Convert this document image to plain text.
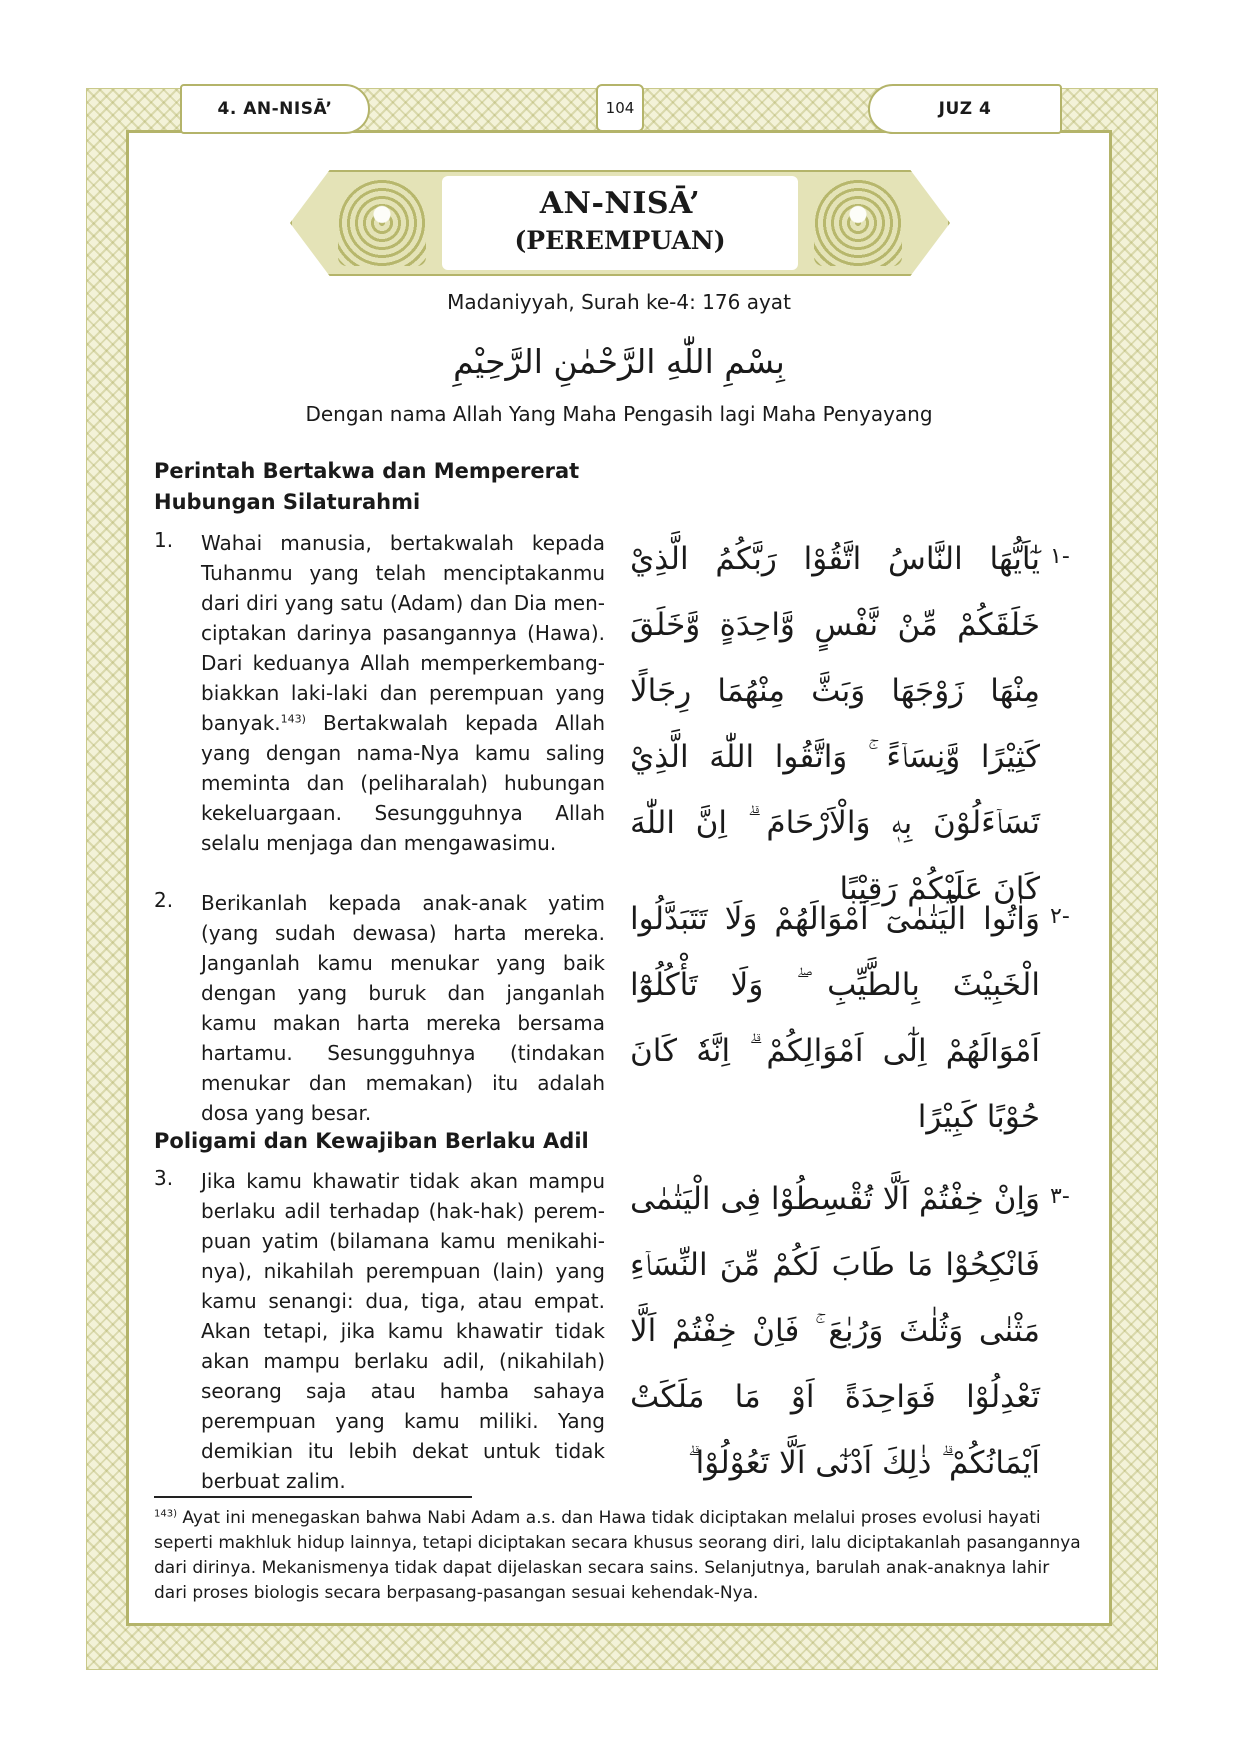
4. AN-NISĀ’	104	JUZ 4
AN-NISĀ’
(PEREMPUAN)
Madaniyyah, Surah ke-4: 176 ayat
بِسْمِ اللّٰهِ الرَّحْمٰنِ الرَّحِيْمِ
Dengan nama Allah Yang Maha Pengasih lagi Maha Penyayang
Perintah Bertakwa dan Mempererat Hubungan Silaturahmi
1. Wahai manusia, bertakwalah kepada Tuhanmu yang telah menciptakanmu dari diri yang satu (Adam) dan Dia menciptakan darinya pasangannya (Hawa). Dari keduanya Allah memperkembangbiakkan laki-laki dan perempuan yang banyak.$^{143)}$ Bertakwalah kepada Allah yang dengan nama-Nya kamu saling meminta dan (peliharalah) hubungan kekeluargaan. Sesungguhnya Allah selalu menjaga dan mengawasimu.
١-
يٰٓاَيُّهَا النَّاسُ اتَّقُوْا رَبَّكُمُ الَّذِيْ خَلَقَكُمْ مِّنْ نَّفْسٍ وَّاحِدَةٍ وَّخَلَقَ مِنْهَا زَوْجَهَا وَبَثَّ مِنْهُمَا رِجَالًا كَثِيْرًا وَّنِسَاۤءً ۚ وَاتَّقُوا اللّٰهَ الَّذِيْ تَسَاۤءَلُوْنَ بِهٖ وَالْاَرْحَامَ ۗ اِنَّ اللّٰهَ كَانَ عَلَيْكُمْ رَقِيْبًا
2. Berikanlah kepada anak-anak yatim (yang sudah dewasa) harta mereka. Janganlah kamu menukar yang baik dengan yang buruk dan janganlah kamu makan harta mereka bersama hartamu. Sesungguhnya (tindakan menukar dan memakan) itu adalah dosa yang besar.
٢-
وَاٰتُوا الْيَتٰمٰىٓ اَمْوَالَهُمْ وَلَا تَتَبَدَّلُوا الْخَبِيْثَ بِالطَّيِّبِ ۖ وَلَا تَأْكُلُوْٓا اَمْوَالَهُمْ اِلٰٓى اَمْوَالِكُمْ ۗ اِنَّهٗ كَانَ حُوْبًا كَبِيْرًا
Poligami dan Kewajiban Berlaku Adil
3. Jika kamu khawatir tidak akan mampu berlaku adil terhadap (hak-hak) perempuan yatim (bilamana kamu menikahinya), nikahilah perempuan (lain) yang kamu senangi: dua, tiga, atau empat. Akan tetapi, jika kamu khawatir tidak akan mampu berlaku adil, (nikahilah) seorang saja atau hamba sahaya perempuan yang kamu miliki. Yang demikian itu lebih dekat untuk tidak berbuat zalim.
٣-
وَاِنْ خِفْتُمْ اَلَّا تُقْسِطُوْا فِى الْيَتٰمٰى فَانْكِحُوْا مَا طَابَ لَكُمْ مِّنَ النِّسَاۤءِ مَثْنٰى وَثُلٰثَ وَرُبٰعَ ۚ فَاِنْ خِفْتُمْ اَلَّا تَعْدِلُوْا فَوَاحِدَةً اَوْ مَا مَلَكَتْ اَيْمَانُكُمْ ۗ ذٰلِكَ اَدْنٰٓى اَلَّا تَعُوْلُوْا ۗ
$^{143)}$ Ayat ini menegaskan bahwa Nabi Adam a.s. dan Hawa tidak diciptakan melalui proses evolusi hayati seperti makhluk hidup lainnya, tetapi diciptakan secara khusus seorang diri, lalu diciptakanlah pasangannya dari dirinya. Mekanismenya tidak dapat dijelaskan secara sains. Selanjutnya, barulah anak-anaknya lahir dari proses biologis secara berpasang-pasangan sesuai kehendak-Nya.
